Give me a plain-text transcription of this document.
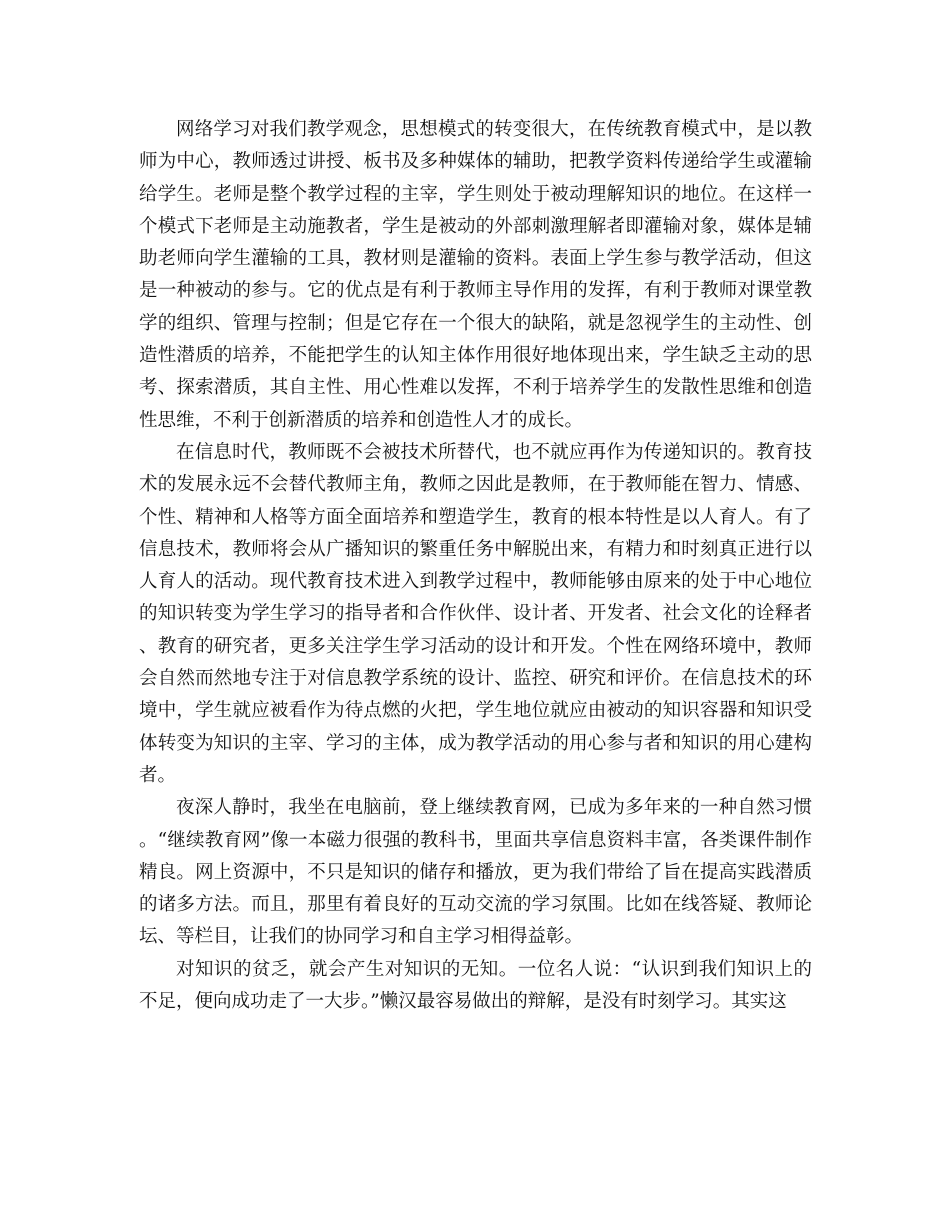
网络学习对我们教学观念，思想模式的转变很大，在传统教育模式中，是以教师为中心，教师透过讲授、板书及多种媒体的辅助，把教学资料传递给学生或灌输给学生。老师是整个教学过程的主宰，学生则处于被动理解知识的地位。在这样一个模式下老师是主动施教者，学生是被动的外部刺激理解者即灌输对象，媒体是辅助老师向学生灌输的工具，教材则是灌输的资料。表面上学生参与教学活动，但这是一种被动的参与。它的优点是有利于教师主导作用的发挥，有利于教师对课堂教学的组织、管理与控制；但是它存在一个很大的缺陷，就是忽视学生的主动性、创造性潜质的培养，不能把学生的认知主体作用很好地体现出来，学生缺乏主动的思考、探索潜质，其自主性、用心性难以发挥，不利于培养学生的发散性思维和创造性思维，不利于创新潜质的培养和创造性人才的成长。

在信息时代，教师既不会被技术所替代，也不就应再作为传递知识的。教育技术的发展永远不会替代教师主角，教师之因此是教师，在于教师能在智力、情感、个性、精神和人格等方面全面培养和塑造学生，教育的根本特性是以人育人。有了信息技术，教师将会从广播知识的繁重任务中解脱出来，有精力和时刻真正进行以人育人的活动。现代教育技术进入到教学过程中，教师能够由原来的处于中心地位的知识转变为学生学习的指导者和合作伙伴、设计者、开发者、社会文化的诠释者、教育的研究者，更多关注学生学习活动的设计和开发。个性在网络环境中，教师会自然而然地专注于对信息教学系统的设计、监控、研究和评价。在信息技术的环境中，学生就应被看作为待点燃的火把，学生地位就应由被动的知识容器和知识受体转变为知识的主宰、学习的主体，成为教学活动的用心参与者和知识的用心建构者。

夜深人静时，我坐在电脑前，登上继续教育网，已成为多年来的一种自然习惯。“继续教育网”像一本磁力很强的教科书，里面共享信息资料丰富，各类课件制作精良。网上资源中，不只是知识的储存和播放，更为我们带给了旨在提高实践潜质的诸多方法。而且，那里有着良好的互动交流的学习氛围。比如在线答疑、教师论坛、等栏目，让我们的协同学习和自主学习相得益彰。

对知识的贫乏，就会产生对知识的无知。一位名人说：“认识到我们知识上的不足，便向成功走了一大步。”懒汉最容易做出的辩解，是没有时刻学习。其实这
